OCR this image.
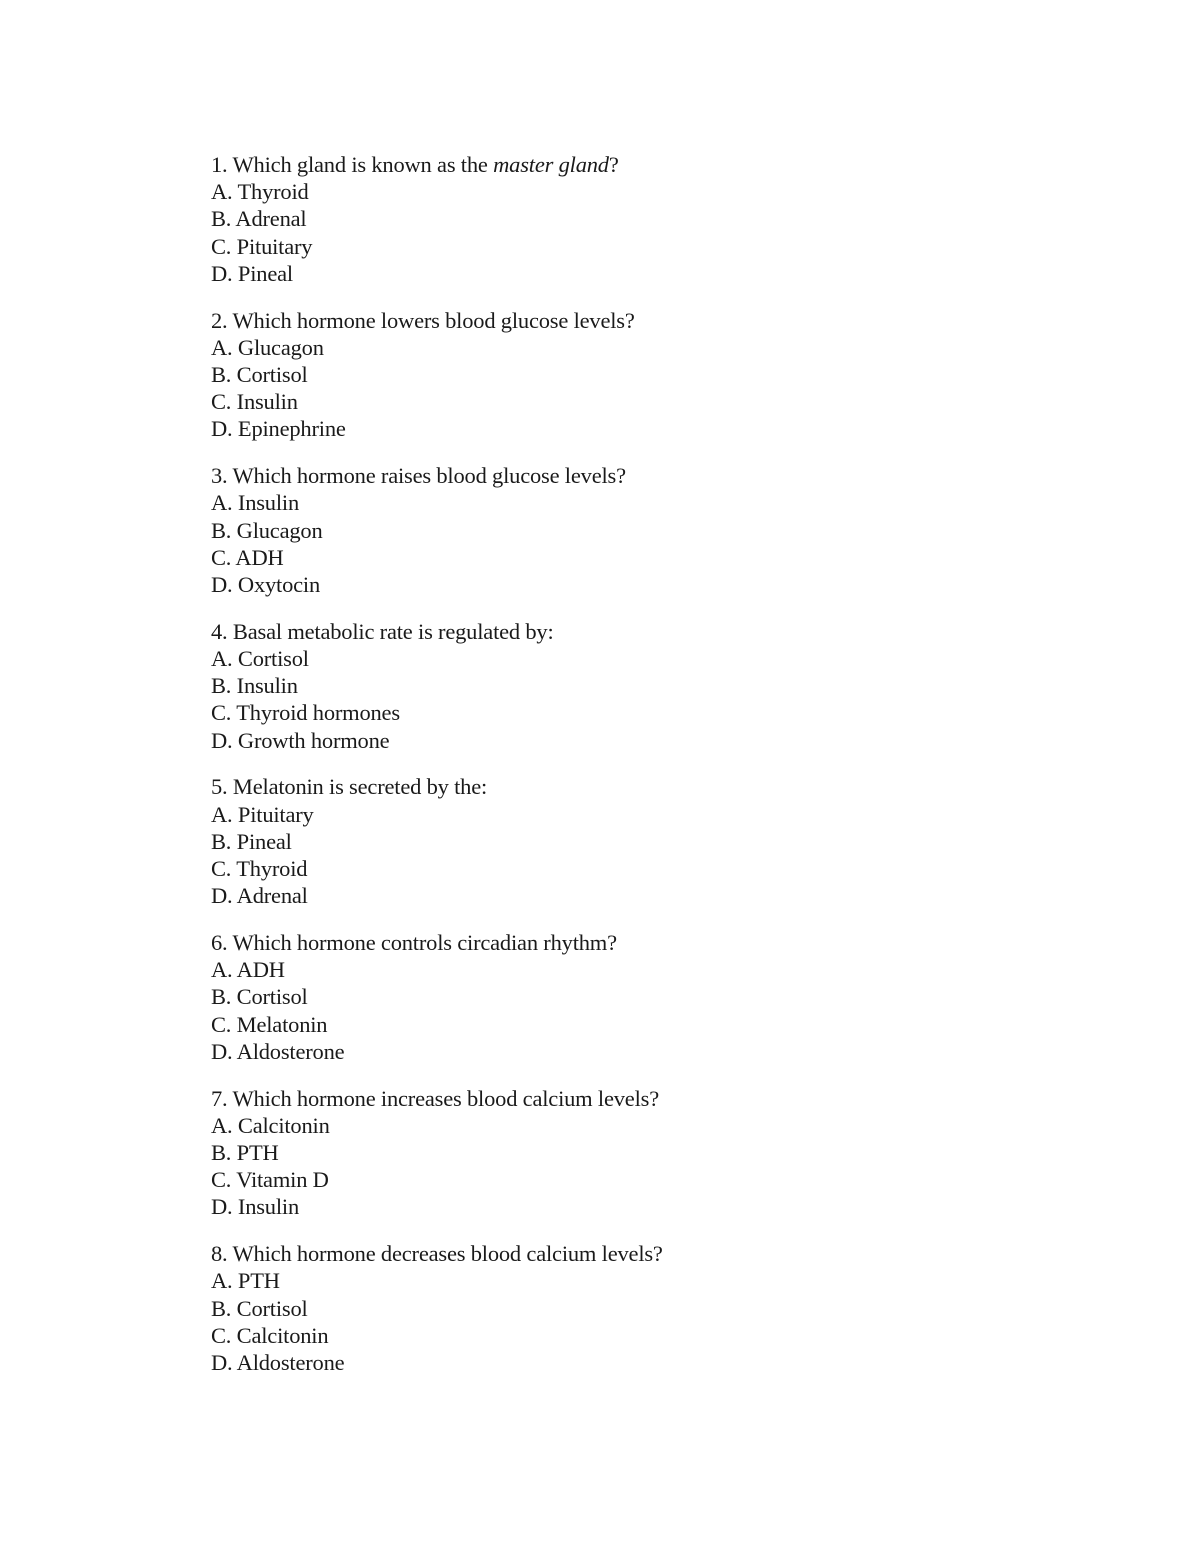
1. Which gland is known as the master gland?
A. Thyroid
B. Adrenal
C. Pituitary
D. Pineal
2. Which hormone lowers blood glucose levels?
A. Glucagon
B. Cortisol
C. Insulin
D. Epinephrine
3. Which hormone raises blood glucose levels?
A. Insulin
B. Glucagon
C. ADH
D. Oxytocin
4. Basal metabolic rate is regulated by:
A. Cortisol
B. Insulin
C. Thyroid hormones
D. Growth hormone
5. Melatonin is secreted by the:
A. Pituitary
B. Pineal
C. Thyroid
D. Adrenal
6. Which hormone controls circadian rhythm?
A. ADH
B. Cortisol
C. Melatonin
D. Aldosterone
7. Which hormone increases blood calcium levels?
A. Calcitonin
B. PTH
C. Vitamin D
D. Insulin
8. Which hormone decreases blood calcium levels?
A. PTH
B. Cortisol
C. Calcitonin
D. Aldosterone
